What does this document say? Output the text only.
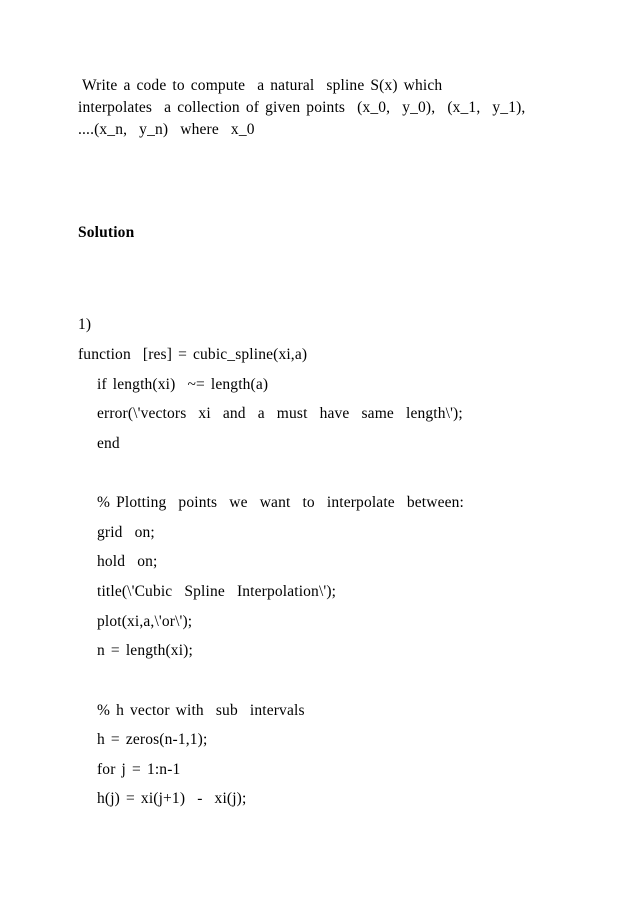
Write a code to compute  a natural  spline S(x) which
interpolates  a collection of given points  (x_0,  y_0),  (x_1,  y_1),
....(x_n,  y_n)  where  x_0
Solution
1)
function  [res] = cubic_spline(xi,a)
if length(xi)  ~= length(a)
error(\'vectors  xi  and  a  must  have  same  length\');
end
% Plotting  points  we  want  to  interpolate  between:
grid  on;
hold  on;
title(\'Cubic  Spline  Interpolation\');
plot(xi,a,\'or\');
n = length(xi);
% h vector with  sub  intervals
h = zeros(n-1,1);
for j = 1:n-1
h(j) = xi(j+1)  -  xi(j);
